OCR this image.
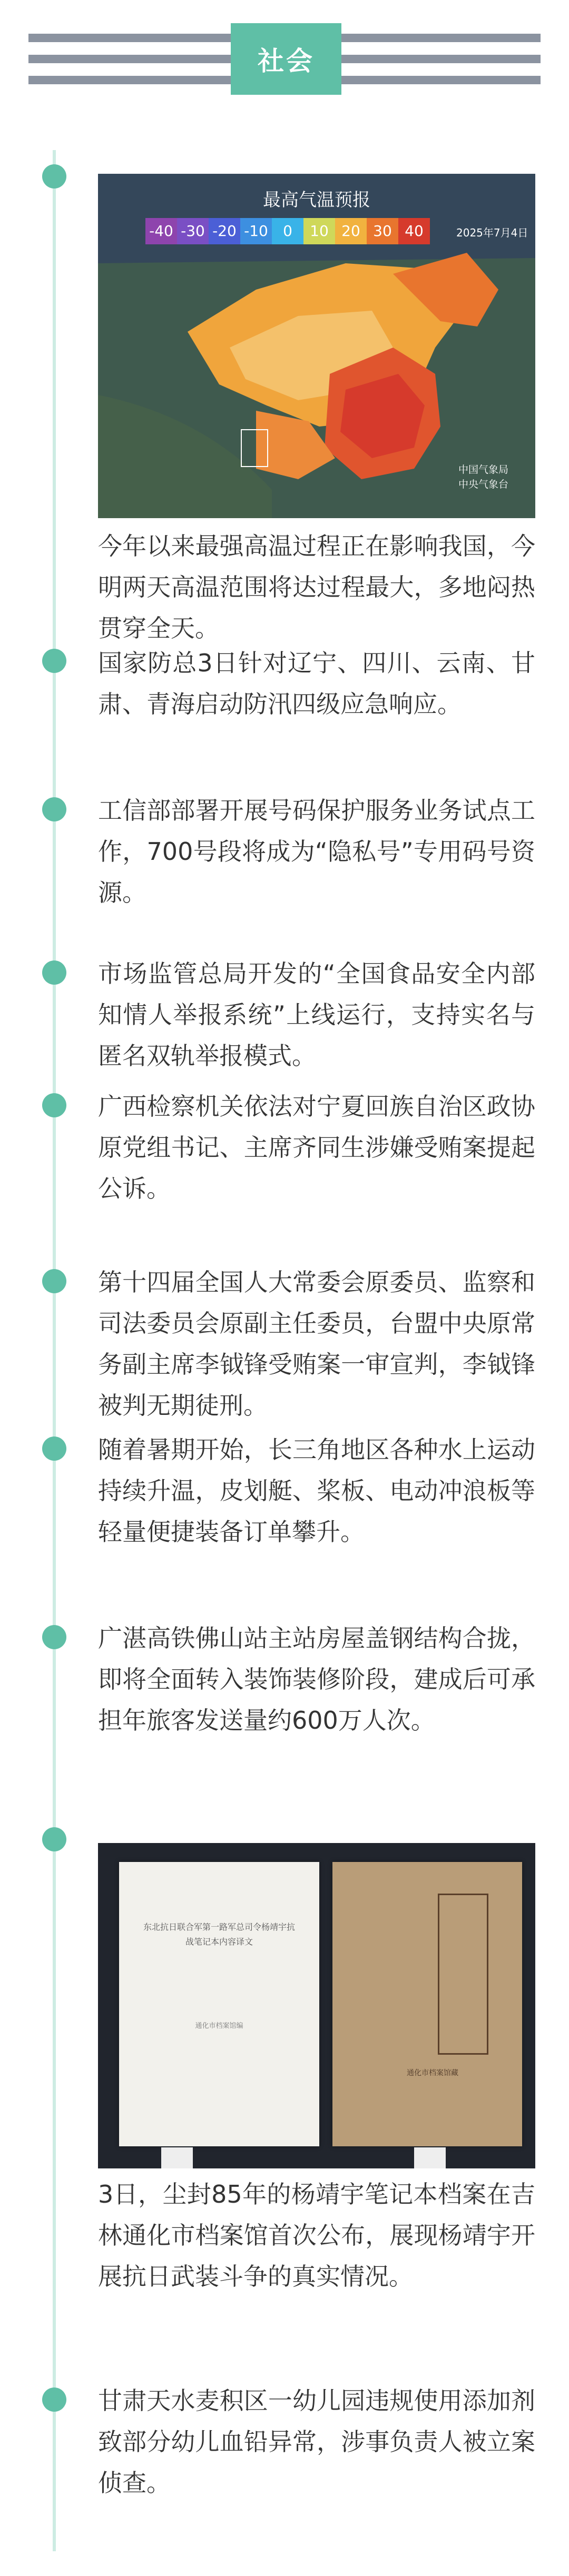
社会
最高气温预报
-40 -30 -20 -10	0	10 20 30 40	2025年7月4日
中国气象局
中央气象台

今年以来最强高温过程正在影响我国，今明两天高温范围将达过程最大，多地闷热贯穿全天。

国家防总3日针对辽宁、四川、云南、甘肃、青海启动防汛四级应急响应。

工信部部署开展号码保护服务业务试点工作，700号段将成为“隐私号”专用码号资源。

市场监管总局开发的“全国食品安全内部知情人举报系统”上线运行，支持实名与匿名双轨举报模式。

广西检察机关依法对宁夏回族自治区政协原党组书记、主席齐同生涉嫌受贿案提起公诉。

第十四届全国人大常委会原委员、监察和司法委员会原副主任委员，台盟中央原常务副主席李钺锋受贿案一审宣判，李钺锋被判无期徒刑。

随着暑期开始，长三角地区各种水上运动持续升温，皮划艇、桨板、电动冲浪板等轻量便捷装备订单攀升。

广湛高铁佛山站主站房屋盖钢结构合拢，即将全面转入装饰装修阶段，建成后可承担年旅客发送量约600万人次。

东北抗日联合军第一路军总司令杨靖宇抗战笔记本内容译文
通化市档案馆编
通化市档案馆藏

3日，尘封85年的杨靖宇笔记本档案在吉林通化市档案馆首次公布，展现杨靖宇开展抗日武装斗争的真实情况。

甘肃天水麦积区一幼儿园违规使用添加剂致部分幼儿血铅异常，涉事负责人被立案侦查。
